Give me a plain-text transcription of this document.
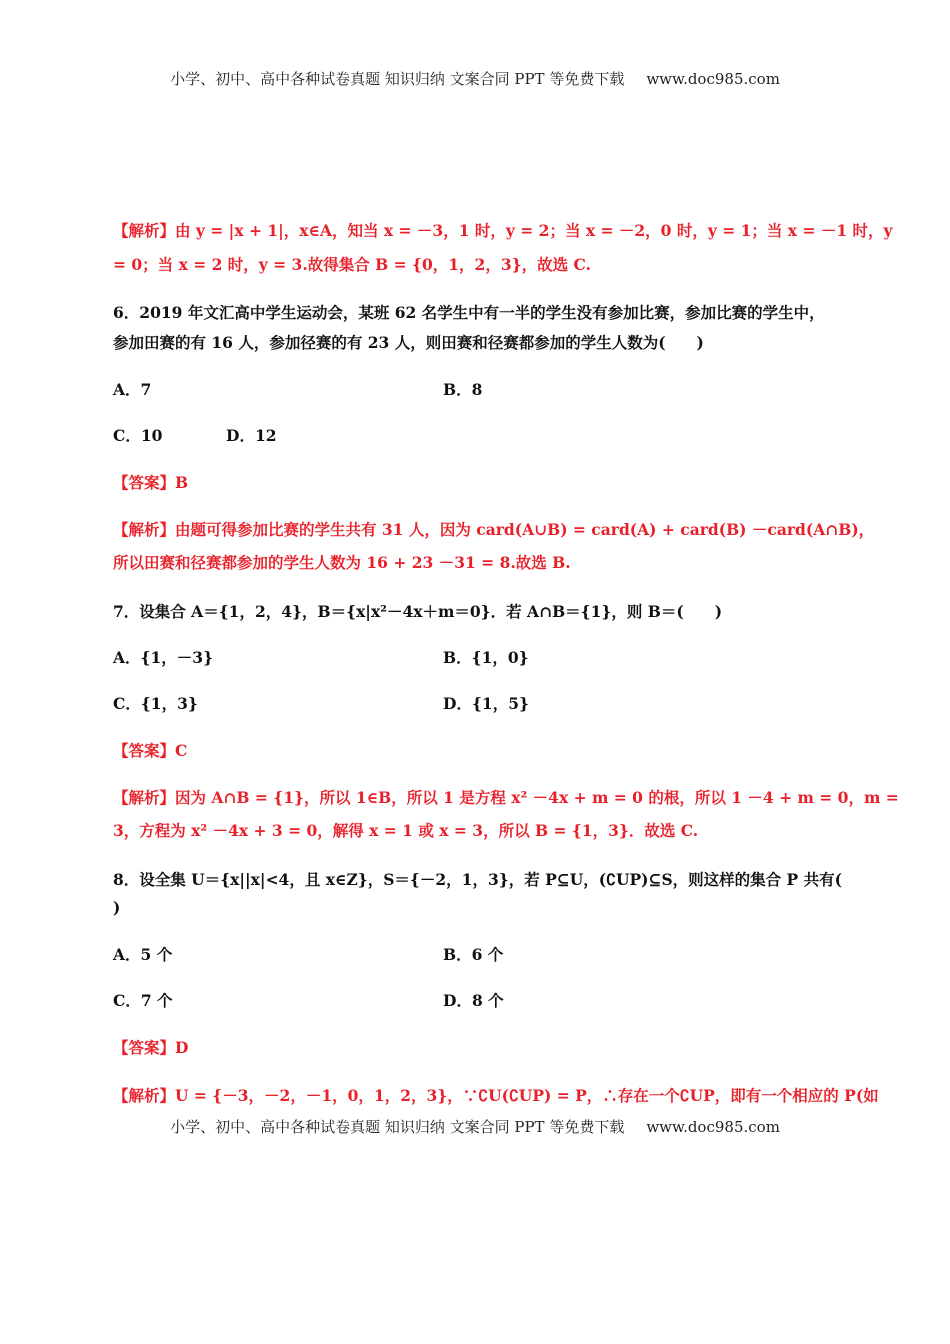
小学、初中、高中各种试卷真题 知识归纳 文案合同 PPT 等免费下载 www.doc985.com
【解析】由 y = |x + 1|，x∈A，知当 x = －3，1 时，y = 2；当 x = －2，0 时，y = 1；当 x = －1 时，y
= 0；当 x = 2 时，y = 3.故得集合 B = {0，1，2，3}，故选 C.
6．2019 年文汇高中学生运动会，某班 62 名学生中有一半的学生没有参加比赛，参加比赛的学生中，
参加田赛的有 16 人，参加径赛的有 23 人，则田赛和径赛都参加的学生人数为(　　)
A．7	B．8
C．10	D．12
【答案】B
【解析】由题可得参加比赛的学生共有 31 人，因为 card(A∪B) = card(A) + card(B) －card(A∩B)，
所以田赛和径赛都参加的学生人数为 16 + 23 －31 = 8.故选 B.
7．设集合 A＝{1，2，4}，B＝{x|x²－4x＋m＝0}．若 A∩B＝{1}，则 B＝(　　)
A．{1，－3}	B．{1，0}
C．{1，3}	D．{1，5}
【答案】C
【解析】因为 A∩B = {1}，所以 1∈B，所以 1 是方程 x² －4x + m = 0 的根，所以 1 －4 + m = 0，m =
3，方程为 x² －4x + 3 = 0，解得 x = 1 或 x = 3，所以 B = {1，3}．故选 C.
8．设全集 U＝{x||x|<4，且 x∈Z}，S＝{－2，1，3}，若 P⊆U，(∁UP)⊆S，则这样的集合 P 共有(
)
A．5 个	B．6 个
C．7 个	D．8 个
【答案】D
【解析】U = {－3，－2，－1，0，1，2，3}，∵∁U(∁UP) = P，∴存在一个∁UP，即有一个相应的 P(如
小学、初中、高中各种试卷真题 知识归纳 文案合同 PPT 等免费下载 www.doc985.com
